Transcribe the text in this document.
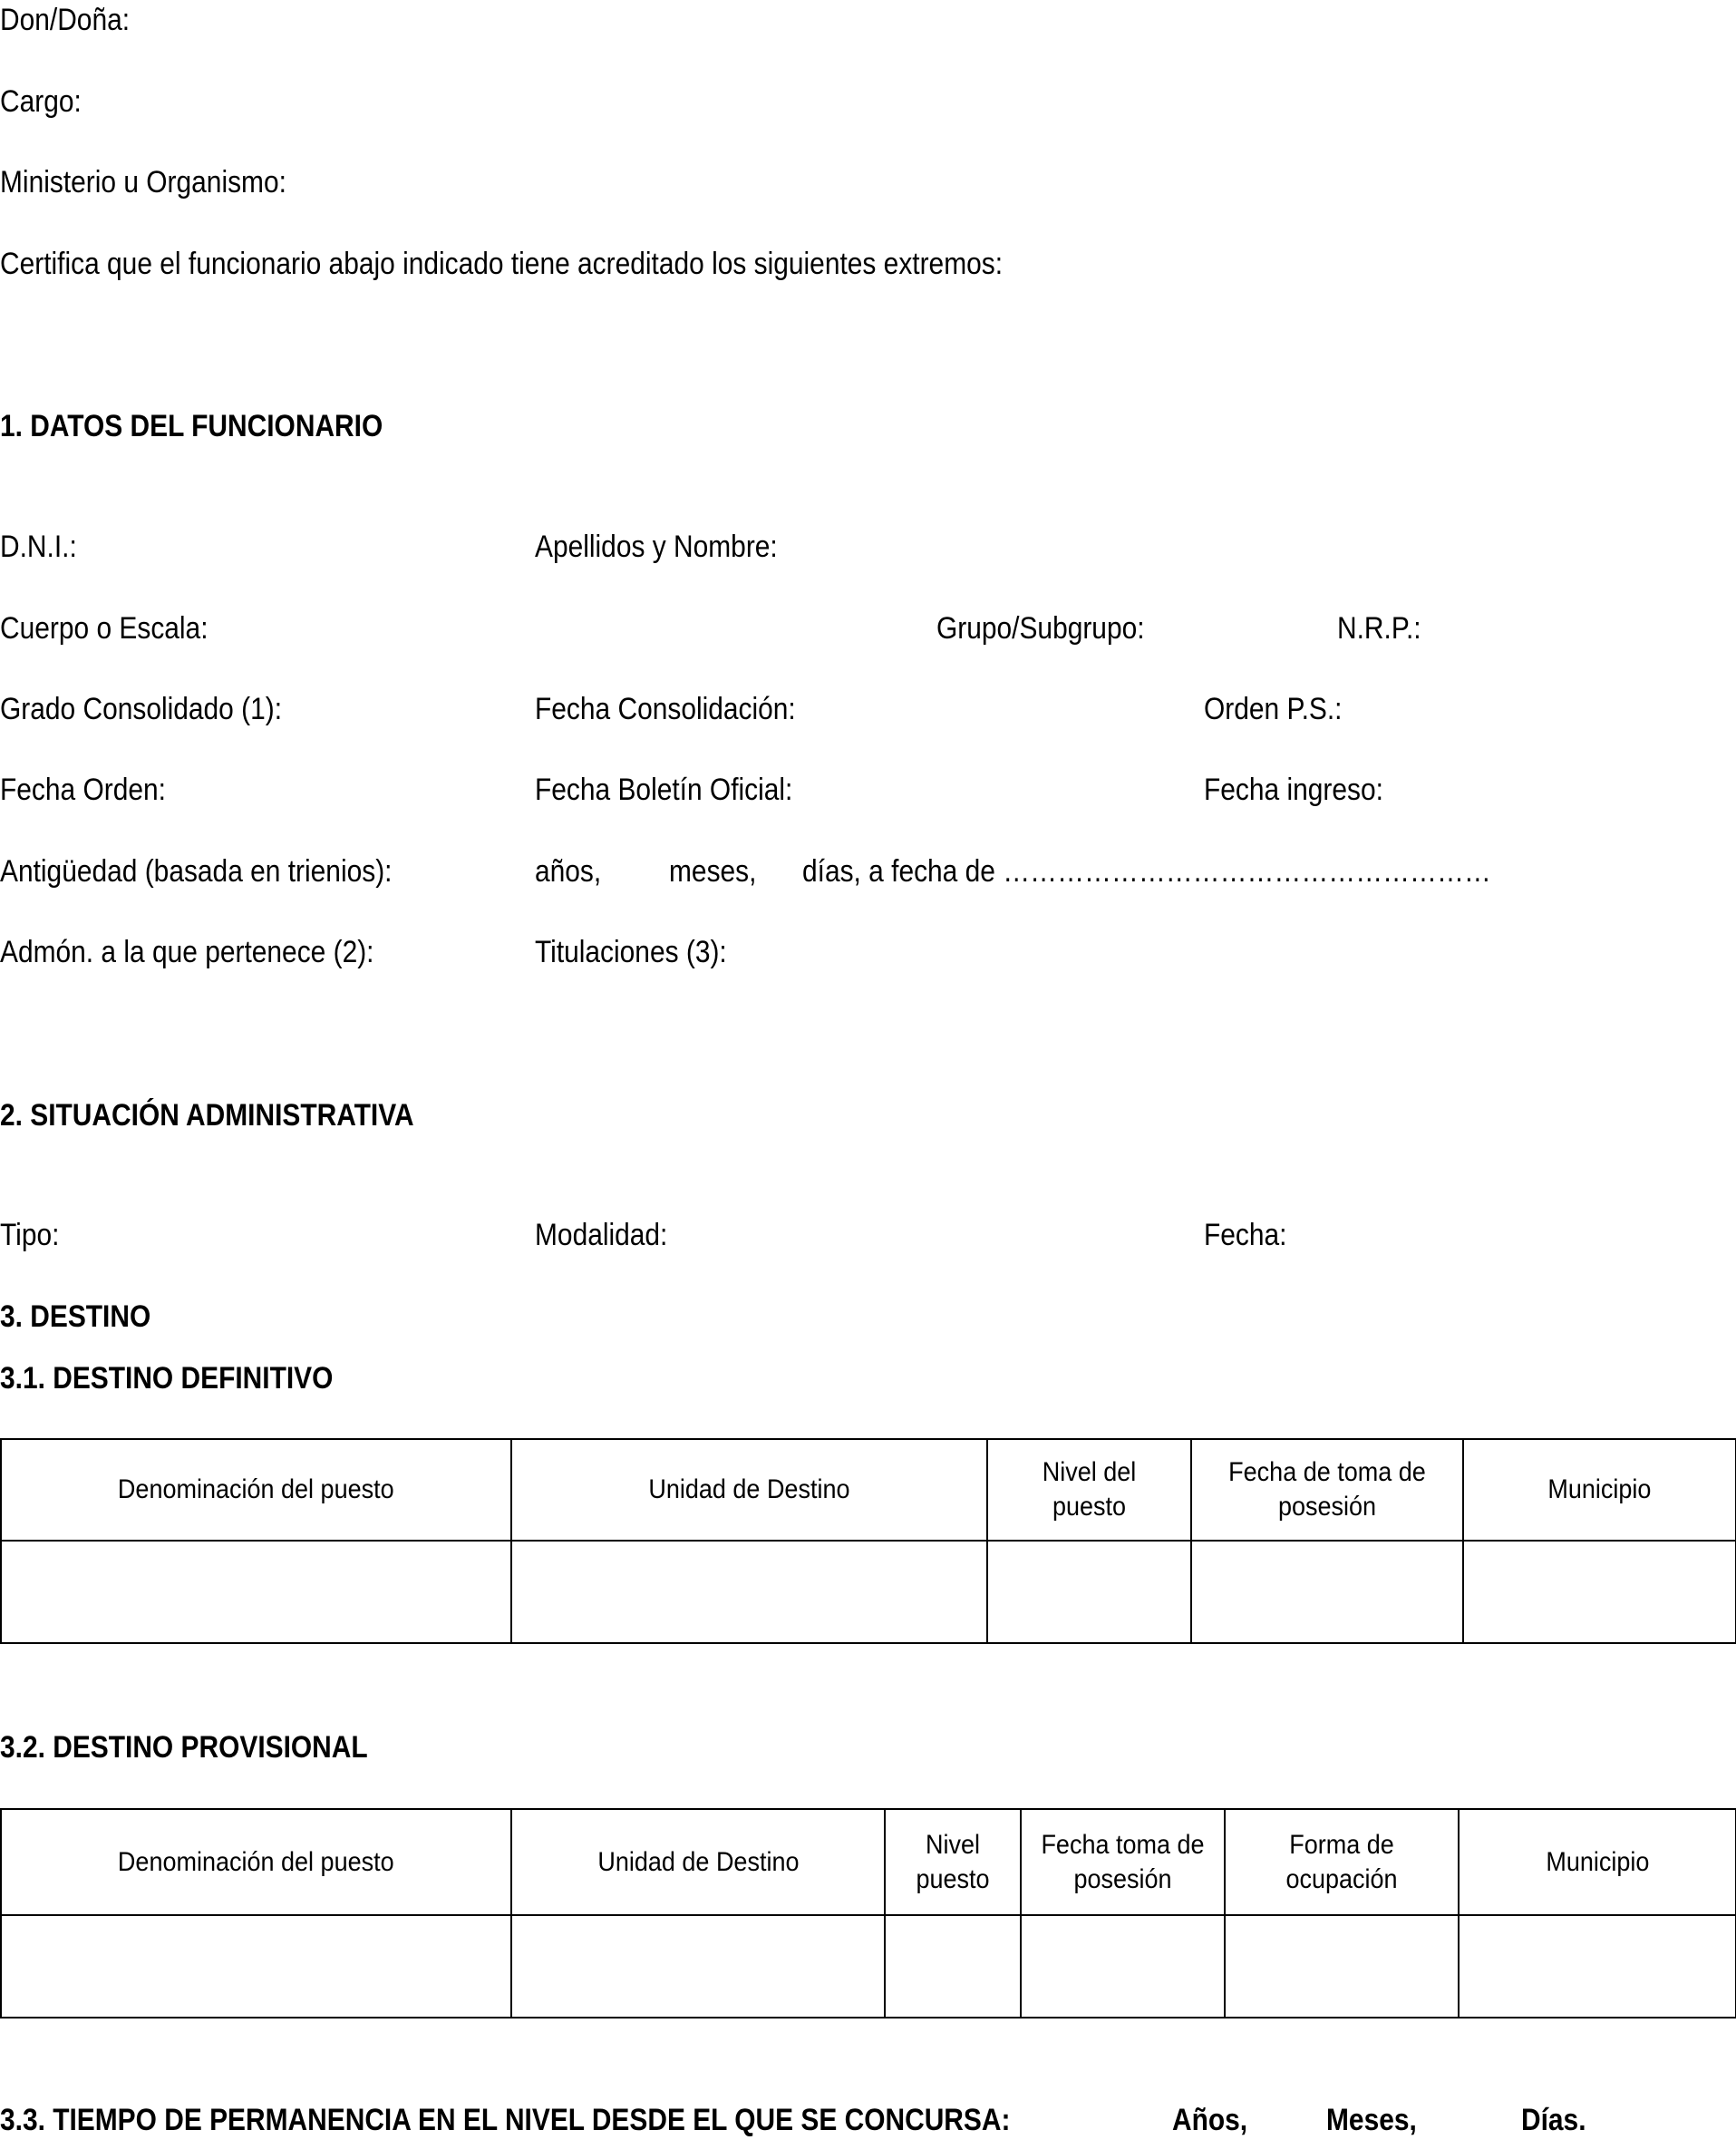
Don/Doña:
Cargo:
Ministerio u Organismo:
Certifica que el funcionario abajo indicado tiene acreditado los siguientes extremos:
1. DATOS DEL FUNCIONARIO
D.N.I.:	Apellidos y Nombre:
Cuerpo o Escala:	Grupo/Subgrupo:	N.R.P.:
Grado Consolidado (1):	Fecha Consolidación:	Orden P.S.:
Fecha Orden:	Fecha Boletín Oficial:	Fecha ingreso:
Antigüedad (basada en trienios):	años, meses, días, a fecha de ………………………………………………
Admón. a la que pertenece (2):	Titulaciones (3):
2. SITUACIÓN ADMINISTRATIVA
Tipo:	Modalidad:	Fecha:
3. DESTINO
3.1. DESTINO DEFINITIVO
Denominación del puesto	Unidad de Destino	Nivel del puesto	Fecha de toma de posesión	Municipio

3.2. DESTINO PROVISIONAL
Denominación del puesto	Unidad de Destino	Nivel puesto	Fecha toma de posesión	Forma de ocupación	Municipio

3.3. TIEMPO DE PERMANENCIA EN EL NIVEL DESDE EL QUE SE CONCURSA:	Años,	Meses,	Días.
